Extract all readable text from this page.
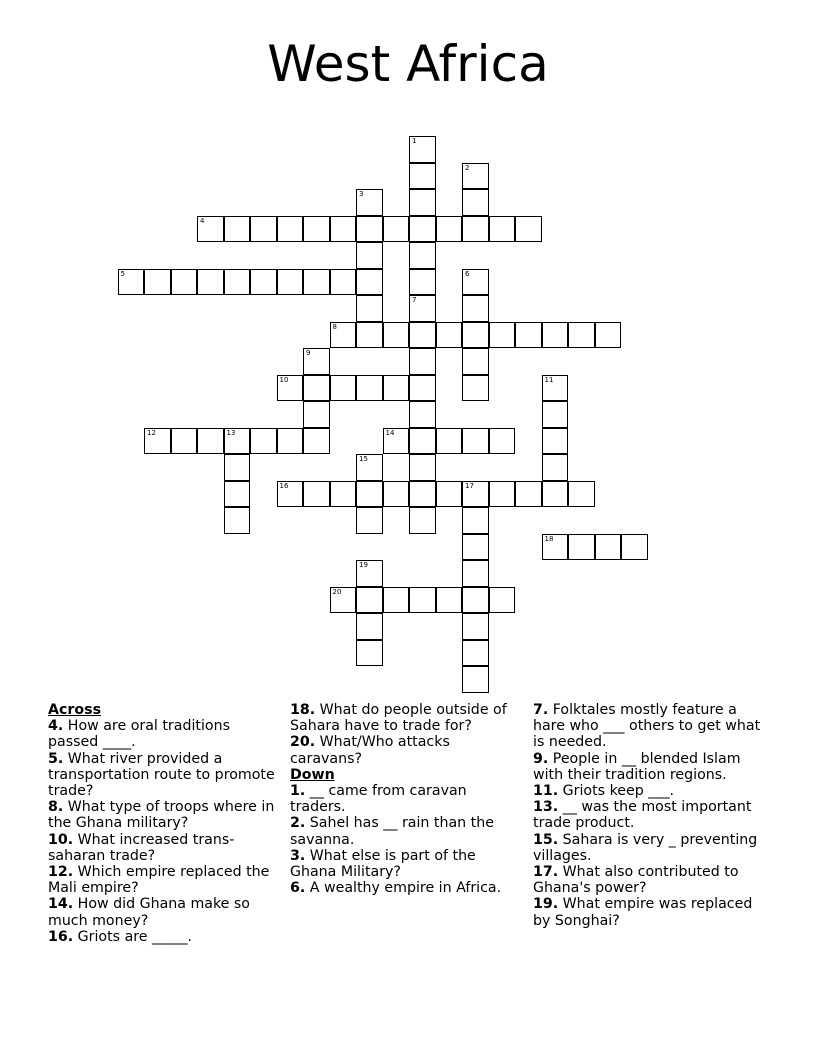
West Africa
4
5
8
10
12	13	14
16	17
18
20
1
7
2
3
6
9
11
15
19
Across
4. How are oral traditions passed ____.
5. What river provided a transportation route to promote trade?
8. What type of troops where in the Ghana military?
10. What increased trans-saharan trade?
12. Which empire replaced the Mali empire?
14. How did Ghana make so much money?
16. Griots are _____.
18. What do people outside of Sahara have to trade for?
20. What/Who attacks caravans?
Down
1. __ came from caravan traders.
2. Sahel has __ rain than the savanna.
3. What else is part of the Ghana Military?
6. A wealthy empire in Africa.
7. Folktales mostly feature a hare who ___ others to get what is needed.
9. People in __ blended Islam with their tradition regions.
11. Griots keep ___.
13. __ was the most important trade product.
15. Sahara is very _ preventing villages.
17. What also contributed to Ghana's power?
19. What empire was replaced by Songhai?
